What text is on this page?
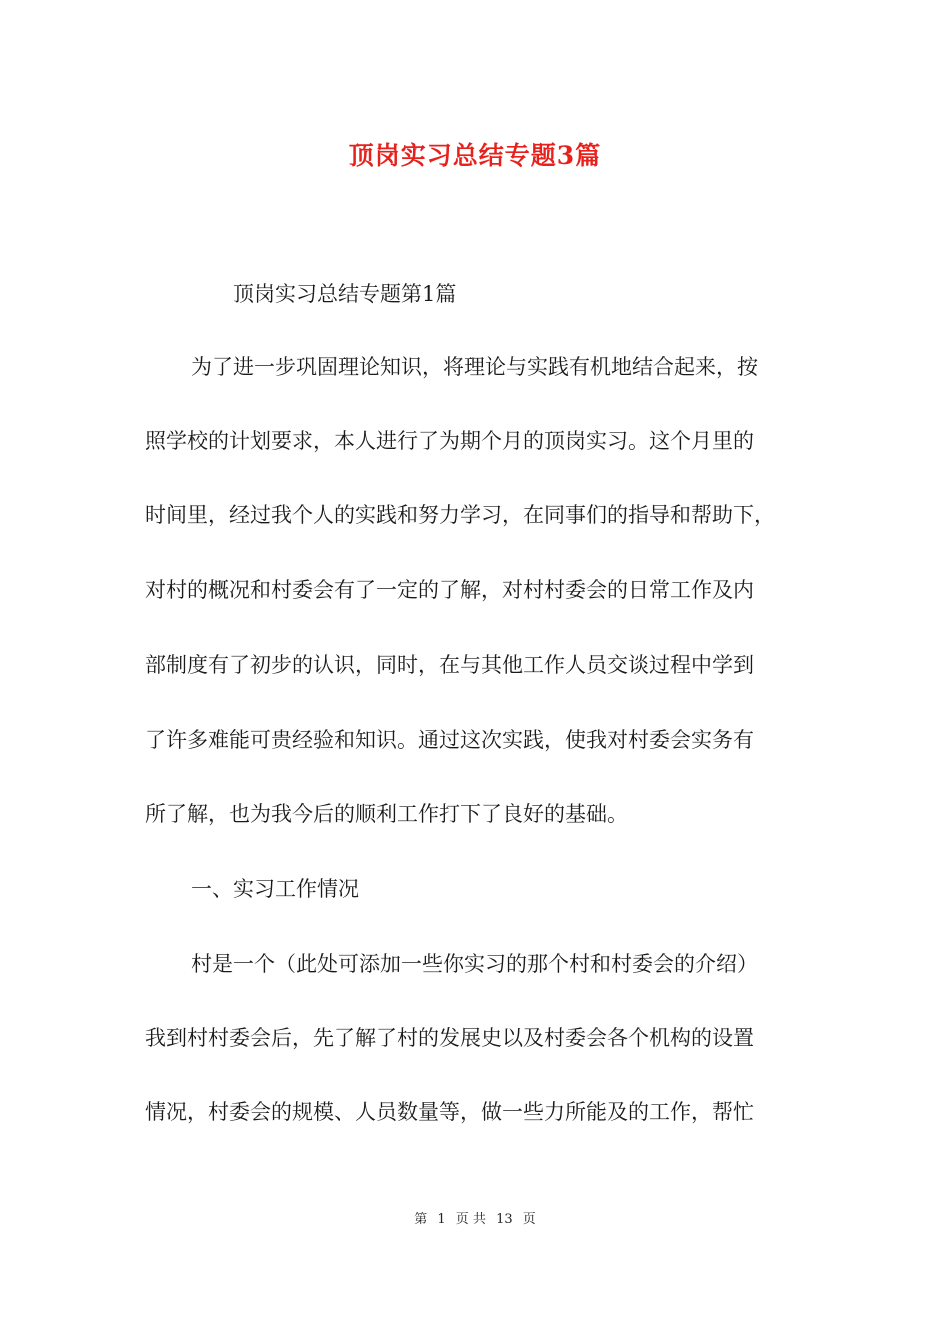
顶岗实习总结专题3篇
顶岗实习总结专题第1篇
为了进一步巩固理论知识，将理论与实践有机地结合起来，按
照学校的计划要求，本人进行了为期个月的顶岗实习。这个月里的
时间里，经过我个人的实践和努力学习，在同事们的指导和帮助下，
对村的概况和村委会有了一定的了解，对村村委会的日常工作及内
部制度有了初步的认识，同时，在与其他工作人员交谈过程中学到
了许多难能可贵经验和知识。通过这次实践，使我对村委会实务有
所了解，也为我今后的顺利工作打下了良好的基础。
一、实习工作情况
村是一个（此处可添加一些你实习的那个村和村委会的介绍）
我到村村委会后，先了解了村的发展史以及村委会各个机构的设置
情况，村委会的规模、人员数量等，做一些力所能及的工作，帮忙
第 1 页 共 13 页
